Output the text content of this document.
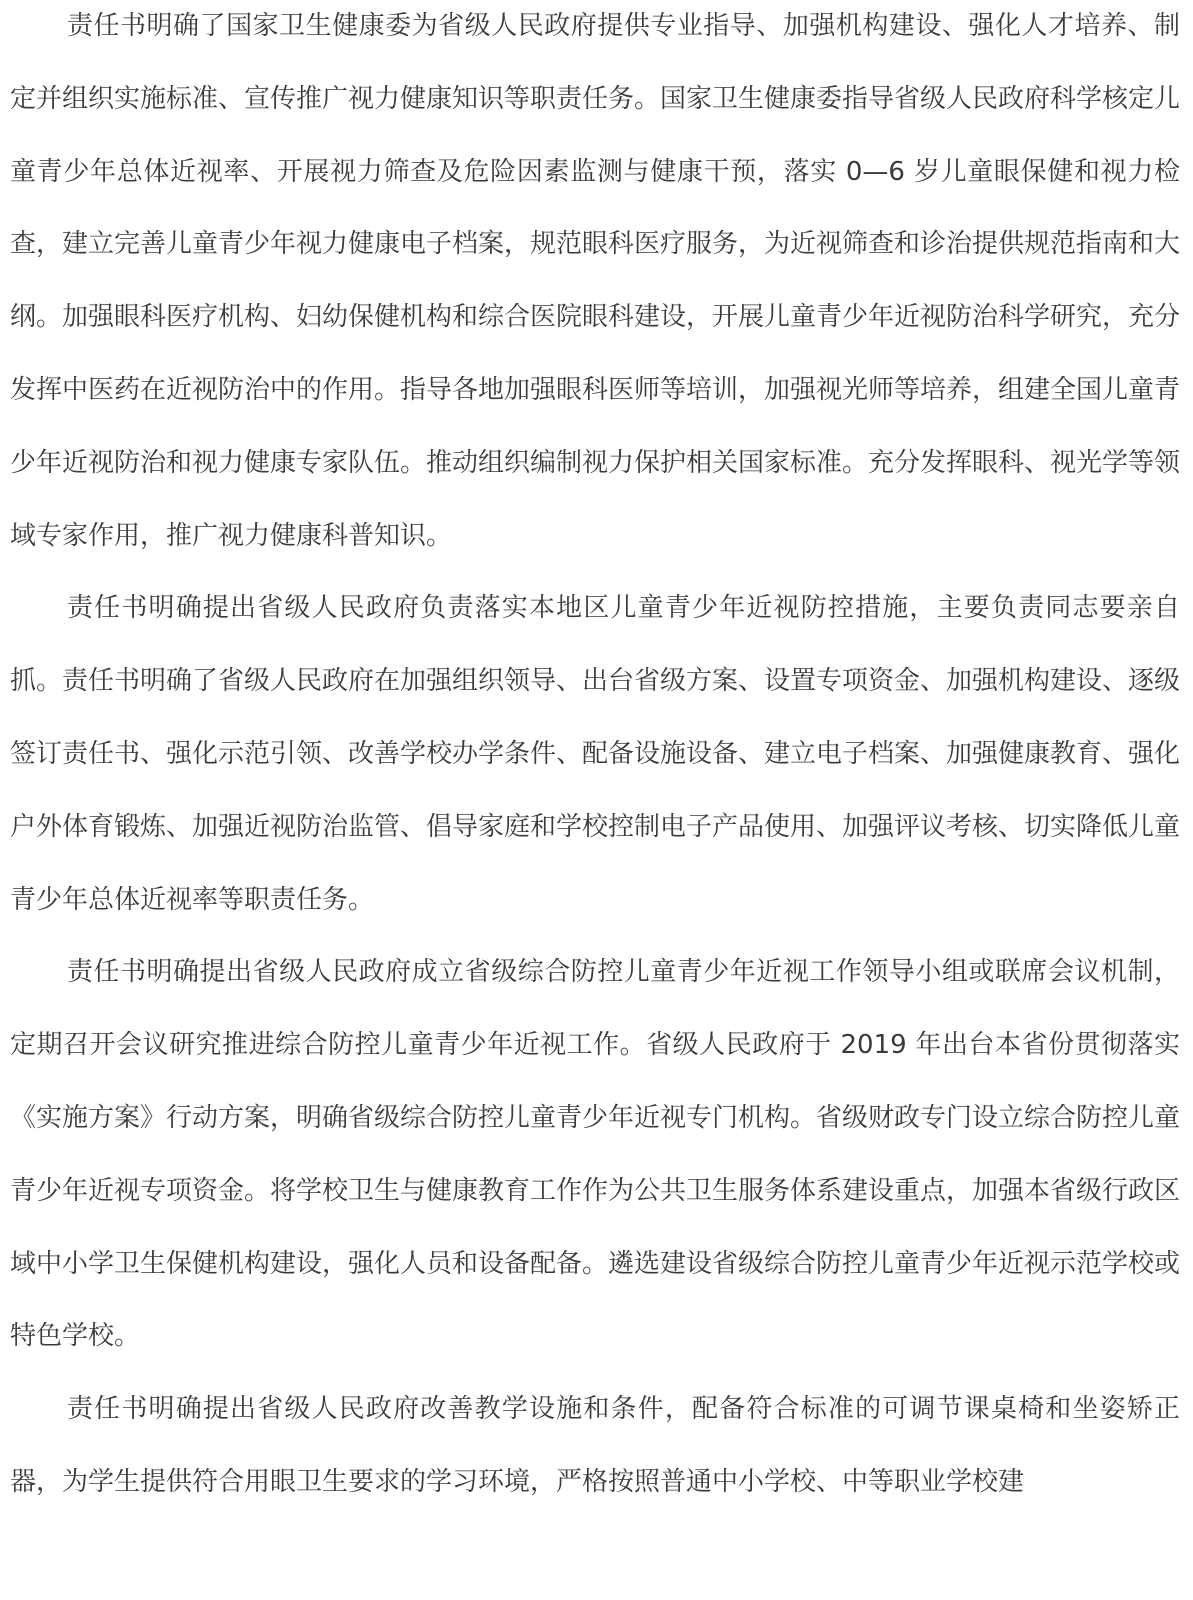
责任书明确了国家卫生健康委为省级人民政府提供专业指导、加强机构建设、强化人才培养、制定并组织实施标准、宣传推广视力健康知识等职责任务。国家卫生健康委指导省级人民政府科学核定儿童青少年总体近视率、开展视力筛查及危险因素监测与健康干预，落实 0—6 岁儿童眼保健和视力检查，建立完善儿童青少年视力健康电子档案，规范眼科医疗服务，为近视筛查和诊治提供规范指南和大纲。加强眼科医疗机构、妇幼保健机构和综合医院眼科建设，开展儿童青少年近视防治科学研究，充分发挥中医药在近视防治中的作用。指导各地加强眼科医师等培训，加强视光师等培养，组建全国儿童青少年近视防治和视力健康专家队伍。推动组织编制视力保护相关国家标准。充分发挥眼科、视光学等领域专家作用，推广视力健康科普知识。

责任书明确提出省级人民政府负责落实本地区儿童青少年近视防控措施，主要负责同志要亲自抓。责任书明确了省级人民政府在加强组织领导、出台省级方案、设置专项资金、加强机构建设、逐级签订责任书、强化示范引领、改善学校办学条件、配备设施设备、建立电子档案、加强健康教育、强化户外体育锻炼、加强近视防治监管、倡导家庭和学校控制电子产品使用、加强评议考核、切实降低儿童青少年总体近视率等职责任务。

责任书明确提出省级人民政府成立省级综合防控儿童青少年近视工作领导小组或联席会议机制，定期召开会议研究推进综合防控儿童青少年近视工作。省级人民政府于 2019 年出台本省份贯彻落实《实施方案》行动方案，明确省级综合防控儿童青少年近视专门机构。省级财政专门设立综合防控儿童青少年近视专项资金。将学校卫生与健康教育工作作为公共卫生服务体系建设重点，加强本省级行政区域中小学卫生保健机构建设，强化人员和设备配备。遴选建设省级综合防控儿童青少年近视示范学校或特色学校。

责任书明确提出省级人民政府改善教学设施和条件，配备符合标准的可调节课桌椅和坐姿矫正器，为学生提供符合用眼卫生要求的学习环境，严格按照普通中小学校、中等职业学校建
